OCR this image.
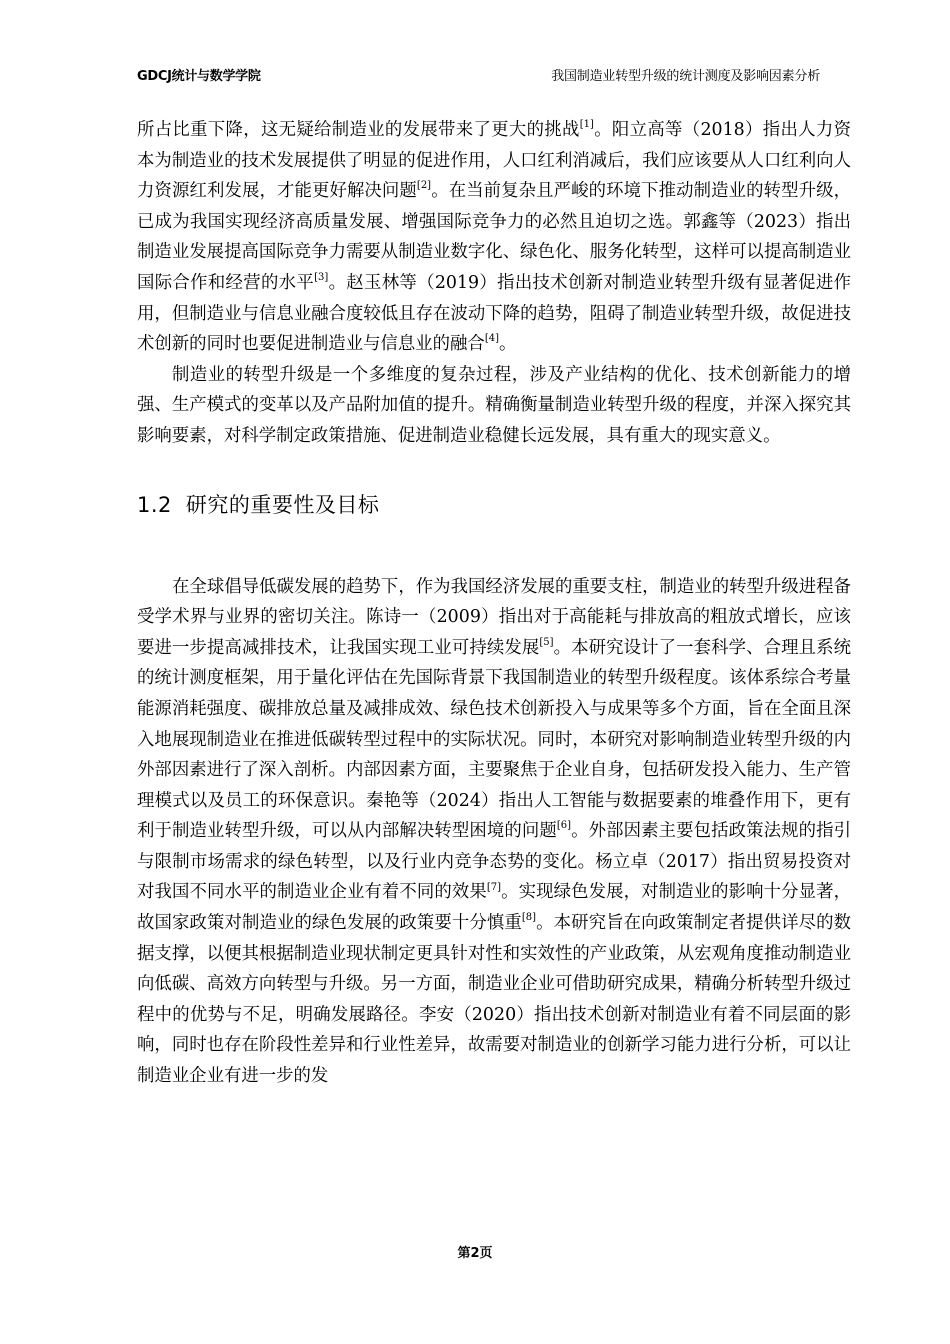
GDCJ统计与数学学院	我国制造业转型升级的统计测度及影响因素分析

所占比重下降，这无疑给制造业的发展带来了更大的挑战[1]。阳立高等（2018）指出人力资本为制造业的技术发展提供了明显的促进作用，人口红利消减后，我们应该要从人口红利向人力资源红利发展，才能更好解决问题[2]。在当前复杂且严峻的环境下推动制造业的转型升级，已成为我国实现经济高质量发展、增强国际竞争力的必然且迫切之选。郭鑫等（2023）指出制造业发展提高国际竞争力需要从制造业数字化、绿色化、服务化转型，这样可以提高制造业国际合作和经营的水平[3]。赵玉林等（2019）指出技术创新对制造业转型升级有显著促进作用，但制造业与信息业融合度较低且存在波动下降的趋势，阻碍了制造业转型升级，故促进技术创新的同时也要促进制造业与信息业的融合[4]。

制造业的转型升级是一个多维度的复杂过程，涉及产业结构的优化、技术创新能力的增强、生产模式的变革以及产品附加值的提升。精确衡量制造业转型升级的程度，并深入探究其影响要素，对科学制定政策措施、促进制造业稳健长远发展，具有重大的现实意义。

1.2 研究的重要性及目标

在全球倡导低碳发展的趋势下，作为我国经济发展的重要支柱，制造业的转型升级进程备受学术界与业界的密切关注。陈诗一（2009）指出对于高能耗与排放高的粗放式增长，应该要进一步提高减排技术，让我国实现工业可持续发展[5]。本研究设计了一套科学、合理且系统的统计测度框架，用于量化评估在先国际背景下我国制造业的转型升级程度。该体系综合考量能源消耗强度、碳排放总量及减排成效、绿色技术创新投入与成果等多个方面，旨在全面且深入地展现制造业在推进低碳转型过程中的实际状况。同时，本研究对影响制造业转型升级的内外部因素进行了深入剖析。内部因素方面，主要聚焦于企业自身，包括研发投入能力、生产管理模式以及员工的环保意识。秦艳等（2024）指出人工智能与数据要素的堆叠作用下，更有利于制造业转型升级，可以从内部解决转型困境的问题[6]。外部因素主要包括政策法规的指引与限制市场需求的绿色转型，以及行业内竞争态势的变化。杨立卓（2017）指出贸易投资对对我国不同水平的制造业企业有着不同的效果[7]。实现绿色发展，对制造业的影响十分显著，故国家政策对制造业的绿色发展的政策要十分慎重[8]。本研究旨在向政策制定者提供详尽的数据支撑，以便其根据制造业现状制定更具针对性和实效性的产业政策，从宏观角度推动制造业向低碳、高效方向转型与升级。另一方面，制造业企业可借助研究成果，精确分析转型升级过程中的优势与不足，明确发展路径。李安（2020）指出技术创新对制造业有着不同层面的影响，同时也存在阶段性差异和行业性差异，故需要对制造业的创新学习能力进行分析，可以让制造业企业有进一步的发

第2页
